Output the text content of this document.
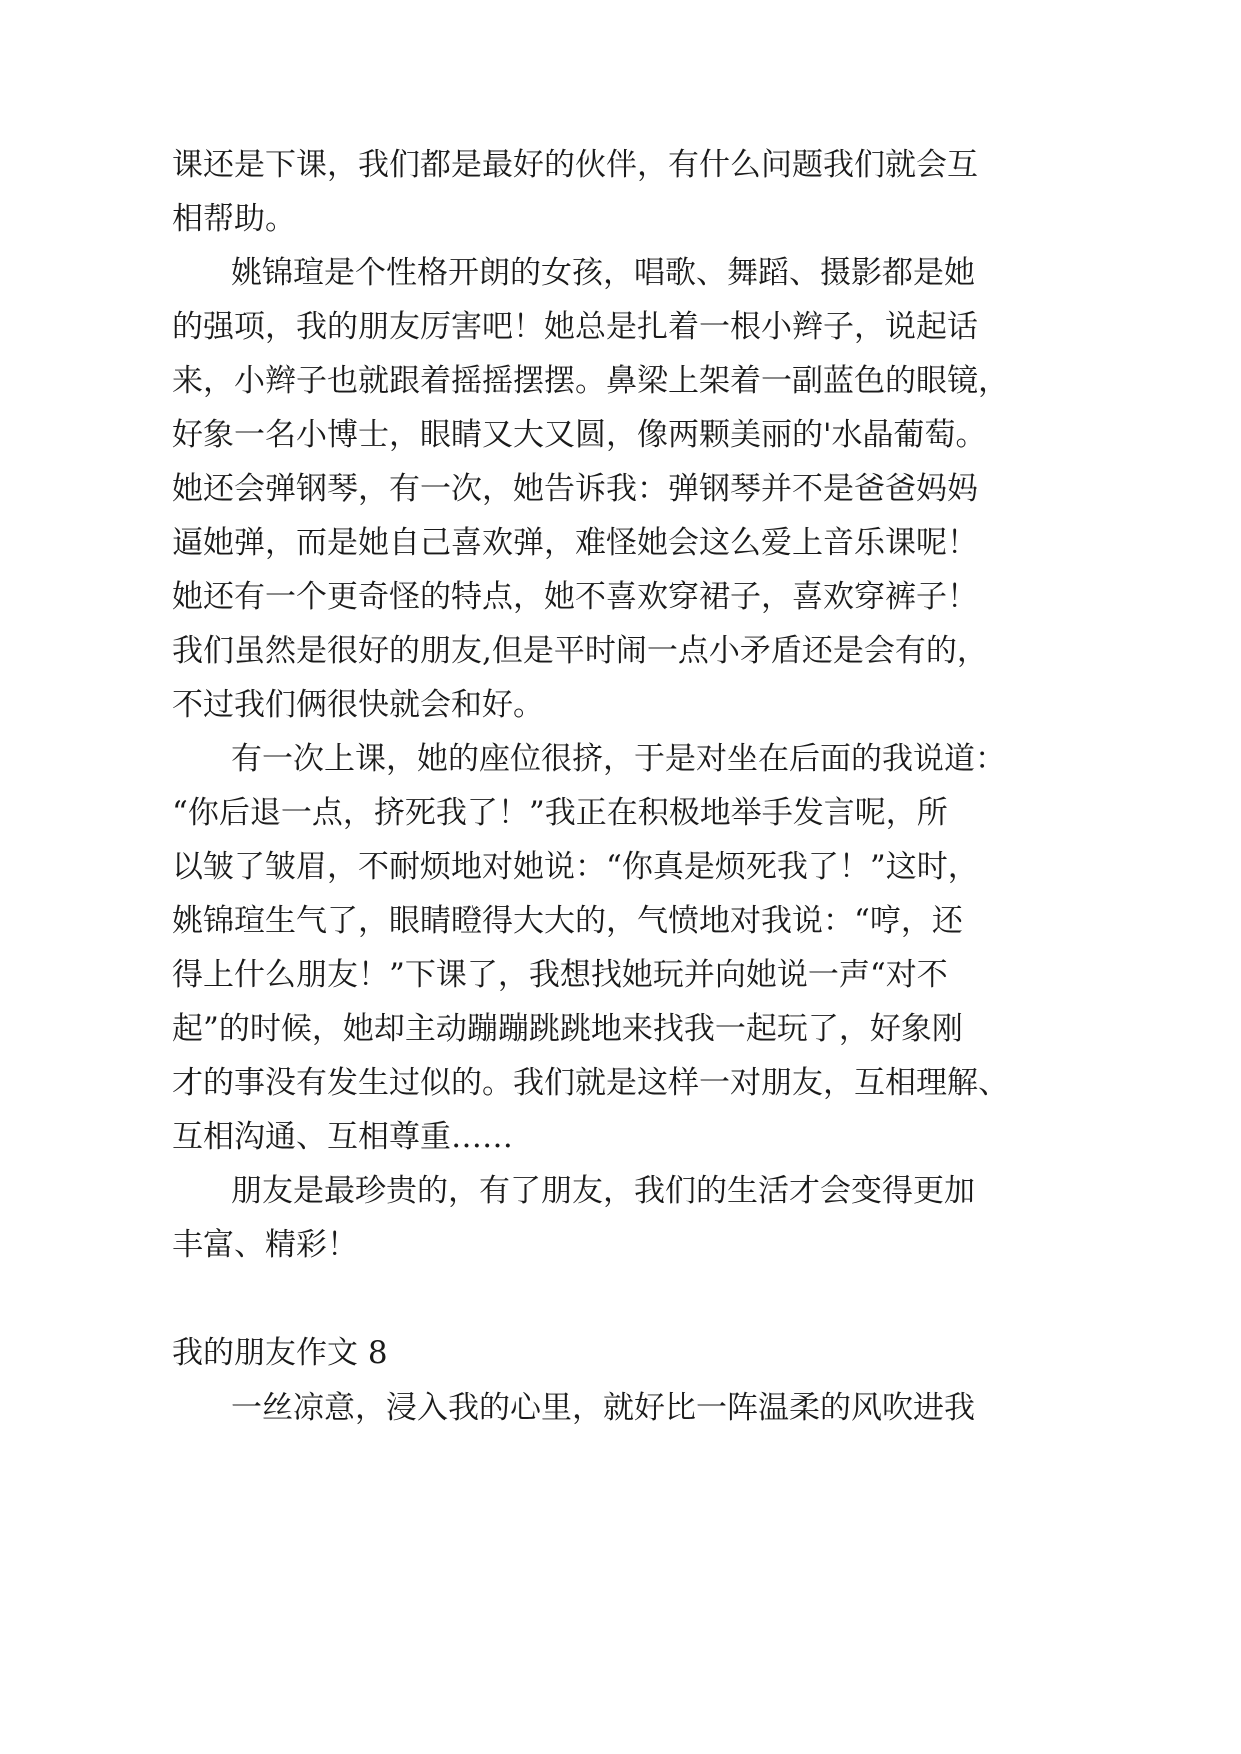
课还是下课，我们都是最好的伙伴，有什么问题我们就会互
相帮助。
姚锦瑄是个性格开朗的女孩，唱歌、舞蹈、摄影都是她
的强项，我的朋友厉害吧！她总是扎着一根小辫子，说起话
来，小辫子也就跟着摇摇摆摆。鼻梁上架着一副蓝色的眼镜，
好象一名小博士，眼睛又大又圆，像两颗美丽的'水晶葡萄。
她还会弹钢琴，有一次，她告诉我：弹钢琴并不是爸爸妈妈
逼她弹，而是她自己喜欢弹，难怪她会这么爱上音乐课呢！
她还有一个更奇怪的特点，她不喜欢穿裙子，喜欢穿裤子！
我们虽然是很好的朋友,但是平时闹一点小矛盾还是会有的，
不过我们俩很快就会和好。
有一次上课，她的座位很挤，于是对坐在后面的我说道：
“你后退一点，挤死我了！”我正在积极地举手发言呢，所
以皱了皱眉，不耐烦地对她说：“你真是烦死我了！”这时，
姚锦瑄生气了，眼睛瞪得大大的，气愤地对我说：“哼，还
得上什么朋友！”下课了，我想找她玩并向她说一声“对不
起”的时候，她却主动蹦蹦跳跳地来找我一起玩了，好象刚
才的事没有发生过似的。我们就是这样一对朋友，互相理解、
互相沟通、互相尊重……
朋友是最珍贵的，有了朋友，我们的生活才会变得更加
丰富、精彩！
我的朋友作文 8
一丝凉意，浸入我的心里，就好比一阵温柔的风吹进我
